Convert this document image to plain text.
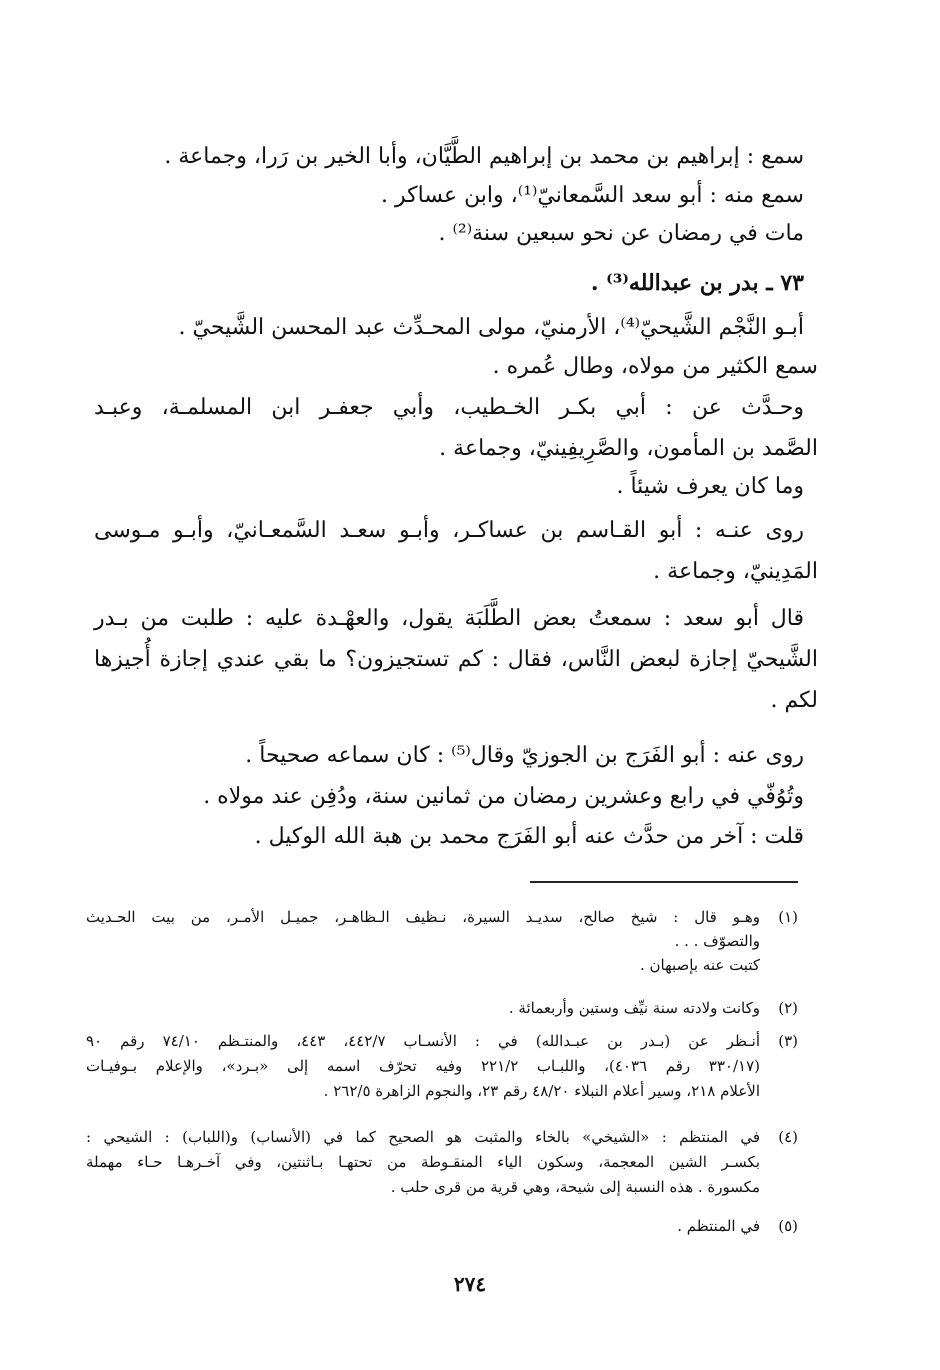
سمع : إبراهيم بن محمد بن إبراهيم الطَّيَّان، وأبا الخير بن رَرا، وجماعة .
سمع منه : أبو سعد السَّمعانيّ⁽¹⁾، وابن عساكر .
مات في رمضان عن نحو سبعين سنة⁽²⁾ .
٧٣ ـ بدر بن عبدالله⁽³⁾ .
أبـو النَّجْم الشَّيحيّ⁽⁴⁾، الأرمنيّ، مولى المحـدِّث عبد المحسن الشَّيحيّ .
سمع الكثير من مولاه، وطال عُمره .
وحـدَّث عن : أبي بكـر الخـطيب، وأبي جعفـر ابن المسلمـة، وعبـد
الصَّمد بن المأمون، والصَّرِيفِينيّ، وجماعة .
وما كان يعرف شيئاً .
روى عنـه : أبو القـاسم بن عساكـر، وأبـو سعـد السَّمعـانيّ، وأبـو مـوسى
المَدِينيّ، وجماعة .
قال أبو سعد : سمعتُ بعض الطَّلَبَة يقول، والعهْـدة عليه : طلبت من بـدر
الشَّيحيّ إجازة لبعض النَّاس، فقال : كم تستجيزون؟ ما بقي عندي إجازة أُجيزها
لكم .
روى عنه : أبو الفَرَج بن الجوزيّ وقال⁽⁵⁾ : كان سماعه صحيحاً .
وتُوُفّي في رابع وعشرين رمضان من ثمانين سنة، ودُفِن عند مولاه .
قلت : آخر من حدَّث عنه أبو الفَرَج محمد بن هبة الله الوكيل .
(١)
وهـو قال : شيخ صالح، سديـد السيرة، نـظيف الـظاهـر، جميـل الأمـر، من بيت الحـديث
والتصوّف . . .
كتبت عنه بإصبهان .
(٢)
وكانت ولادته سنة نيِّف وستين وأربعمائة .
(٣)
أنـظر عن (بـدر بن عبـدالله) في : الأنسـاب ٤٤٢/٧، ٤٤٣، والمنتـظم ٧٤/١٠ رقم ٩٠
(٣٣٠/١٧ رقم ٤٠٣٦)، واللبـاب ٢٢١/٢ وفيه تحرّف اسمه إلى «بـرد»، والإعلام بـوفيـات
الأعلام ٢١٨، وسير أعلام النبلاء ٤٨/٢٠ رقم ٢٣، والنجوم الزاهرة ٢٦٢/٥ .
(٤)
في المنتظم : «الشيخي» بالخاء والمثبت هو الصحيح كما في (الأنساب) و(اللباب) : الشيحي :
بكسـر الشين المعجمة، وسكون الياء المنقـوطة من تحتهـا بـاثنتين، وفي آخـرهـا حـاء مهملة
مكسورة . هذه النسبة إلى شيحة، وهي قرية من قرى حلب .
(٥)
في المنتظم .
٢٧٤
